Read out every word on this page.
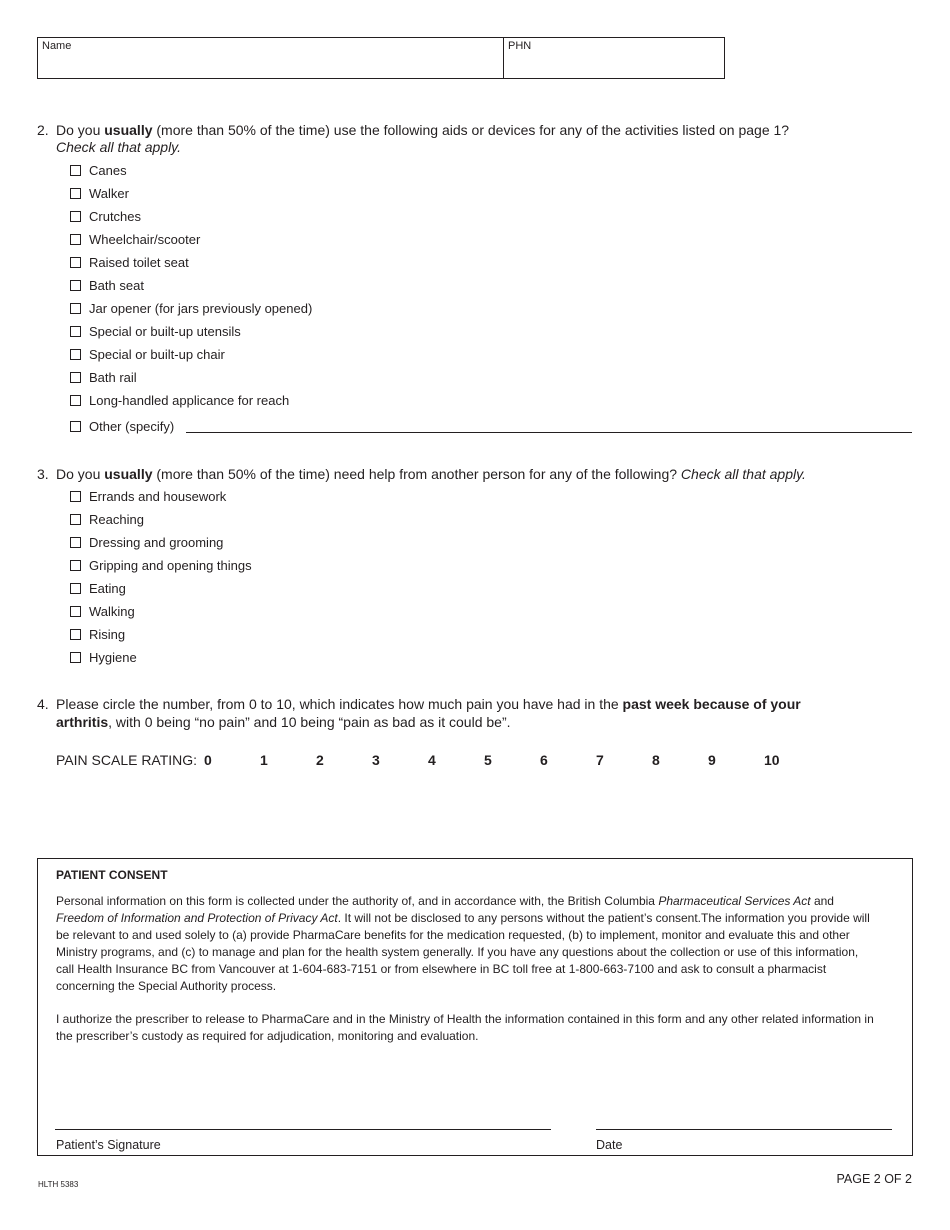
Name	PHN
2. Do you usually (more than 50% of the time) use the following aids or devices for any of the activities listed on page 1?
Check all that apply.
Canes
Walker
Crutches
Wheelchair/scooter
Raised toilet seat
Bath seat
Jar opener (for jars previously opened)
Special or built-up utensils
Special or built-up chair
Bath rail
Long-handled applicance for reach
Other (specify)
3. Do you usually (more than 50% of the time) need help from another person for any of the following? Check all that apply.
Errands and housework
Reaching
Dressing and grooming
Gripping and opening things
Eating
Walking
Rising
Hygiene
4. Please circle the number, from 0 to 10, which indicates how much pain you have had in the past week because of your
arthritis, with 0 being “no pain” and 10 being “pain as bad as it could be”.
PAIN SCALE RATING: 0	1	2	3	4	5	6	7	8	9	10
PATIENT CONSENT
Personal information on this form is collected under the authority of, and in accordance with, the British Columbia Pharmaceutical Services Act and Freedom of Information and Protection of Privacy Act. It will not be disclosed to any persons without the patient’s consent.The information you provide will be relevant to and used solely to (a) provide PharmaCare benefits for the medication requested, (b) to implement, monitor and evaluate this and other Ministry programs, and (c) to manage and plan for the health system generally. If you have any questions about the collection or use of this information, call Health Insurance BC from Vancouver at 1-604-683-7151 or from elsewhere in BC toll free at 1-800-663-7100 and ask to consult a pharmacist concerning the Special Authority process.
I authorize the prescriber to release to PharmaCare and in the Ministry of Health the information contained in this form and any other related information in the prescriber’s custody as required for adjudication, monitoring and evaluation.
Patient’s Signature	Date
HLTH 5383	PAGE 2 OF 2
